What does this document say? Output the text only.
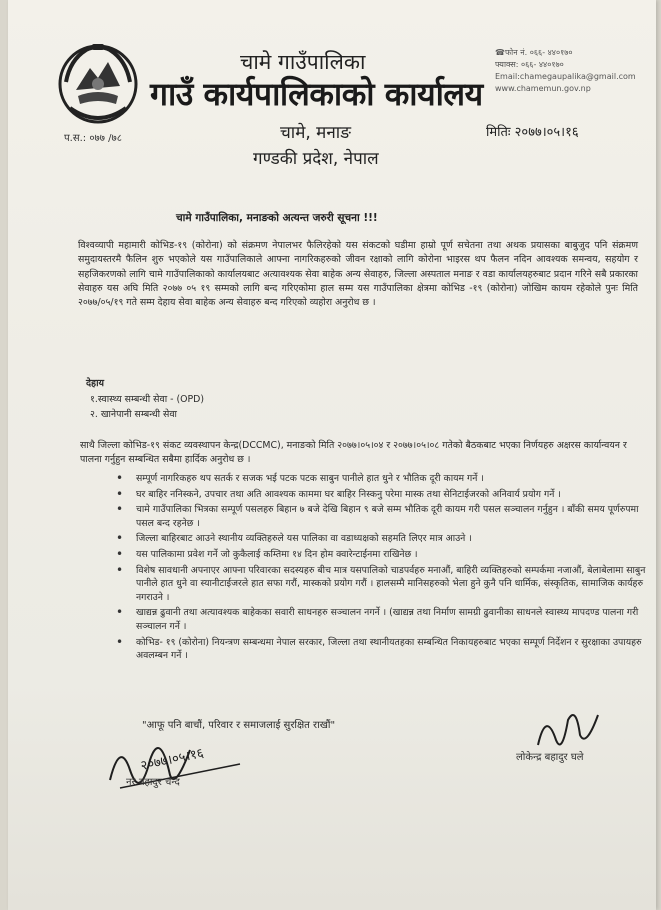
प.स.: ०७७ /७८
चामे गाउँपालिका
गाउँ कार्यपालिकाको कार्यालय
चामे, मनाङ
गण्डकी प्रदेश, नेपाल
☎फोन नं. ०६६- ४४०१७०
फ्याक्स: ०६६- ४४०१७०
Email:chamegaupalika@gmail.com
www.chamemun.gov.np
मितिः २०७७।०५।१६
चामे गाउँपालिका, मनाङको अत्यन्त जरुरी सूचना !!!
विश्वव्यापी महामारी कोभिड-१९ (कोरोना) को संक्रमण नेपालभर फैलिरहेको यस संकटको घडीमा हाम्रो पूर्ण सचेतना तथा अथक प्रयासका बाबुजुद पनि संक्रमण समुदायस्तरमै फैलिन शुरु भएकोले यस गाउँपालिकाले आफ्ना नागरिकहरुको जीवन रक्षाको लागि कोरोना भाइरस थप फैलन नदिन आवश्यक समन्वय, सहयोग र सहजिकरणको लागि चामे गाउँपालिकाको कार्यालयबाट अत्यावश्यक सेवा बाहेक अन्य सेवाहरु, जिल्ला अस्पताल मनाङ र वडा कार्यालयहरुबाट प्रदान गरिने सबै प्रकारका सेवाहरु यस अघि मिति २०७७ ०५ १९ सम्मको लागि बन्द गरिएकोमा हाल सम्म यस गाउँपालिका क्षेत्रमा कोभिड -१९ (कोरोना) जोखिम कायम रहेकोले पुनः मिति २०७७/०५/१९ गते सम्म देहाय सेवा बाहेक अन्य सेवाहरु बन्द गरिएको व्यहोरा अनुरोध छ ।
देहाय
१.स्वास्थ्य सम्बन्धी सेवा - (OPD)
२. खानेपानी सम्बन्धी सेवा
साथै जिल्ला कोभिड-१९ संकट व्यवस्थापन केन्द्र(DCCMC), मनाङको मिति २०७७।०५।०४ र २०७७।०५।०८ गतेको बैठकबाट भएका निर्णयहरु अक्षरस कार्यान्वयन र पालना गर्नुहुन सम्बन्धित सबैमा हार्दिक अनुरोध छ ।
• सम्पूर्ण नागरिकहरु थप सतर्क र सजक भई पटक पटक साबुन पानीले हात धुने र भौतिक दूरी कायम गर्ने ।
• घर बाहिर ननिस्कने, उपचार तथा अति आवश्यक काममा घर बाहिर निस्कनु परेमा मास्क तथा सेनिटाईजरको अनिवार्य प्रयोग गर्ने ।
• चामे गाउँपालिका भित्रका सम्पूर्ण पसलहरु बिहान ७ बजे देखि बिहान ९ बजे सम्म भौतिक दूरी कायम गरी पसल सञ्चालन गर्नुहुन । बाँकी समय पूर्णरुपमा पसल बन्द रहनेछ ।
• जिल्ला बाहिरबाट आउने स्थानीय व्यक्तिहरुले यस पालिका वा वडाध्यक्षको सहमति लिएर मात्र आउने ।
• यस पालिकामा प्रवेश गर्ने जो कुकैलाई कम्तिमा १४ दिन होम क्वारेन्टाईनमा राखिनेछ ।
• विशेष सावधानी अपनाएर आफ्ना परिवारका सदस्यहरु बीच मात्र यसपालिको चाडपर्वहरु मनाऔं, बाहिरी व्यक्तिहरुको सम्पर्कमा नजाऔं, बेलाबेलामा साबुन पानीले हात धुने वा स्यानीटाईजरले हात सफा गरौं, मास्कको प्रयोग गरौं । हालसम्मै मानिसहरुको भेला हुने कुनै पनि धार्मिक, संस्कृतिक, सामाजिक कार्यहरु नगराउने ।
• खाद्यन्न ढुवानी तथा अत्यावश्यक बाहेकका सवारी साधनहरु सञ्चालन नगर्ने । (खाद्यन्न तथा निर्माण सामग्री ढुवानीका साधनले स्वास्थ्य मापदण्ड पालना गरी सञ्चालन गर्ने ।
• कोभिड- १९ (कोरोना) नियन्त्रण सम्बन्धमा नेपाल सरकार, जिल्ला तथा स्थानीयतहका सम्बन्धित निकायहरुबाट भएका सम्पूर्ण निर्देशन र सुरक्षाका उपायहरु अवलम्बन गर्ने ।
"आफू पनि बाचौं, परिवार र समाजलाई सुरक्षित राखौं"
२०७७।०५।१६
नर बहादुर चन्द
लोकेन्द्र बहादुर घले
